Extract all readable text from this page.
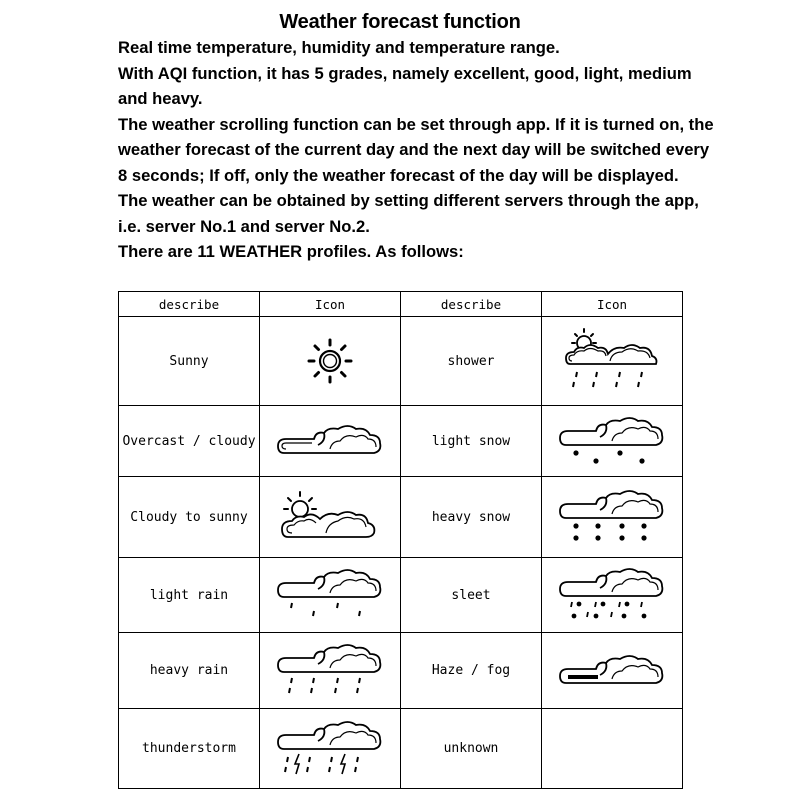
Weather forecast function

Real time temperature, humidity and temperature range.

With AQI function, it has 5 grades, namely excellent, good, light, medium and heavy.

The weather scrolling function can be set through app. If it is turned on, the weather forecast of the current day and the next day will be switched every 8 seconds; If off, only the weather forecast of the day will be displayed.

The weather can be obtained by setting different servers through the app, i.e. server No.1 and server No.2.

There are 11 WEATHER profiles. As follows:

describe	Icon	describe	Icon
Sunny		shower	

Overcast / cloudy		light snow	

Cloudy to sunny		heavy snow	

light rain		sleet	

heavy rain		Haze / fog	

thunderstorm		unknown	
